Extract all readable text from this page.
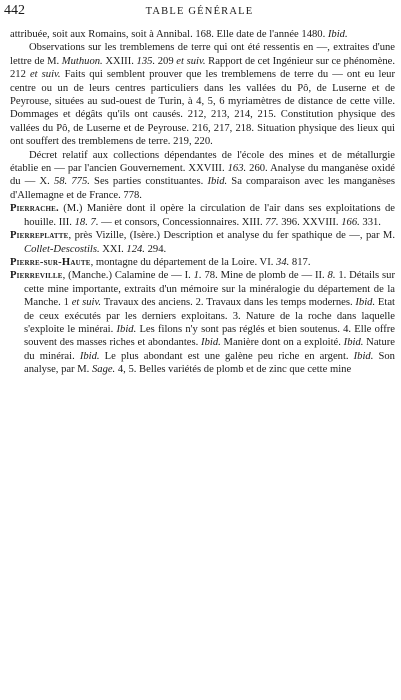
442	TABLE GÉNÉRALE

attribuée, soit aux Romains, soit à Annibal. 168. Elle date de l'année 1480. Ibid.

Observations sur les tremblemens de terre qui ont été ressentis en —, extraites d'une lettre de M. Muthuon. XXIII. 135. 209 et suiv. Rapport de cet Ingénieur sur ce phénomène. 212 et suiv. Faits qui semblent prouver que les tremblemens de terre du — ont eu leur centre ou un de leurs centres particuliers dans les vallées du Pô, de Luserne et de Peyrouse, situées au sud-ouest de Turin, à 4, 5, 6 myriamètres de distance de cette ville. Dommages et dégâts qu'ils ont causés. 212, 213, 214, 215. Constitution physique des vallées du Pô, de Luserne et de Peyrouse. 216, 217, 218. Situation physique des lieux qui ont souffert des tremblemens de terre. 219, 220.

Décret relatif aux collections dépendantes de l'école des mines et de métallurgie établie en — par l'ancien Gouvernement. XXVIII. 163. 260. Analyse du manganèse oxidé du — X. 58. 775. Ses parties constituantes. Ibid. Sa comparaison avec les manganèses d'Allemagne et de France. 778.

Pierrache. (M.) Manière dont il opère la circulation de l'air dans ses exploitations de houille. III. 18. 7. — et consors, Concessionnaires. XIII. 77. 396. XXVIII. 166. 331.

Pierreplatte, près Vizille, (Isère.) Description et analyse du fer spathique de —, par M. Collet-Descostils. XXI. 124. 294.

Pierre-sur-Haute, montagne du département de la Loire. VI. 34. 817.

Pierreville, (Manche.) Calamine de — I. 1. 78. Mine de plomb de — II. 8. 1. Détails sur cette mine importante, extraits d'un mémoire sur la minéralogie du département de la Manche. 1 et suiv. Travaux des anciens. 2. Travaux dans les temps modernes. Ibid. Etat de ceux exécutés par les derniers exploitans. 3. Nature de la roche dans laquelle s'exploite le minérai. Ibid. Les filons n'y sont pas réglés et bien soutenus. 4. Elle offre souvent des masses riches et abondantes. Ibid. Manière dont on a exploité. Ibid. Nature du minérai. Ibid. Le plus abondant est une galène peu riche en argent. Ibid. Son analyse, par M. Sage. 4, 5. Belles variétés de plomb et de zinc que cette mine
